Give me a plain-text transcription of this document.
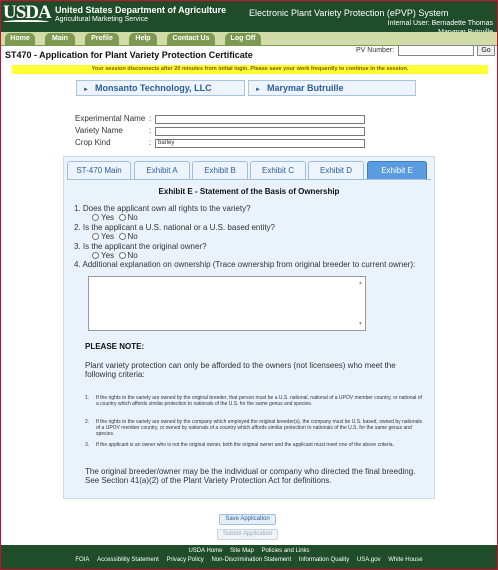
USDA United States Department of Agriculture
Agricultural Marketing Service
Electronic Plant Variety Protection (ePVP) System
Internal User: Bernadette Thomas
Home	Main	Profile	Help	Contact Us	Log Off
ST470 - Application for Plant Variety Protection Certificate	PV Number:	Go
Your session disconnects after 20 minutes from initial login. Please save your work frequently to continue in the session.
► Monsanto Technology, LLC	► Marymar Butruille
Experimental Name :
Variety Name	:
Crop Kind	:	barley
ST-470 Main	Exhibit A	Exhibit B	Exhibit C	Exhibit D	Exhibit E
Exhibit E - Statement of the Basis of Ownership
1. Does the applicant own all rights to the variety?
Yes No
2. Is the applicant a U.S. national or a U.S. based entity?
Yes No
3. Is the applicant the original owner?
Yes No
4. Additional explanation on ownership (Trace ownership from original breeder to current owner):
▲
▼
PLEASE NOTE:
Plant variety protection can only be afforded to the owners (not licensees) who meet the following criteria:
1. If the rights to the variety are owned by the original breeder, that person must be a U.S. national, national of a UPOV member country, or national of a country which affords similar protection to nationals of the U.S. for the same genus and species.
2. If the rights to the variety are owned by the company which employed the original breeder(s), the company must be U.S. based, owned by nationals of a UPOV member country, or owned by nationals of a country which affords similar protection to nationals of the U.S. for the same genus and species.
3. If the applicant is an owner who is not the original owner, both the original owner and the applicant must meet one of the above criteria.
The original breeder/owner may be the individual or company who directed the final breeding. See Section 41(a)(2) of the Plant Variety Protection Act for definitions.
Save Application
Submit Application
USDA Home Site Map Policies and Links
FOIA Accessibility Statement Privacy Policy Non-Discrimination Statement Information Quality USA.gov White House
